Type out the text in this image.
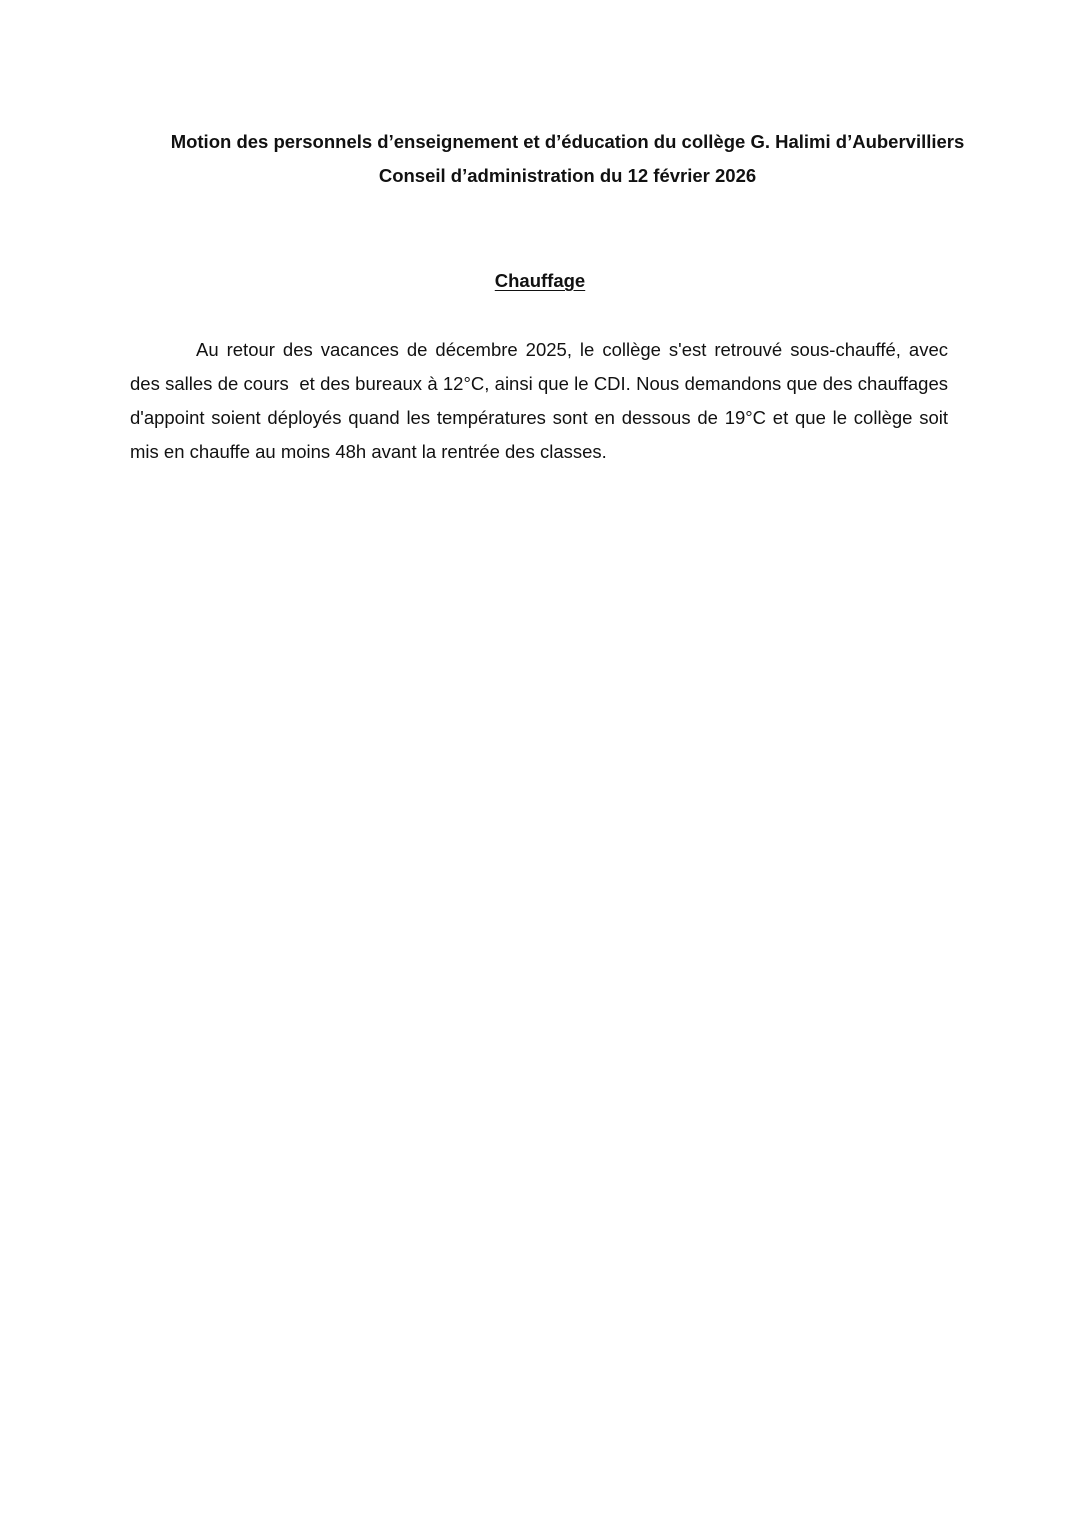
Motion des personnels d’enseignement et d’éducation du collège G. Halimi d’Aubervilliers
Conseil d’administration du 12 février 2026
Chauffage

Au retour des vacances de décembre 2025, le collège s'est retrouvé sous-chauffé, avec des salles de cours  et des bureaux à 12°C, ainsi que le CDI. Nous demandons que des chauffages d'appoint soient déployés quand les températures sont en dessous de 19°C et que le collège soit mis en chauffe au moins 48h avant la rentrée des classes.
